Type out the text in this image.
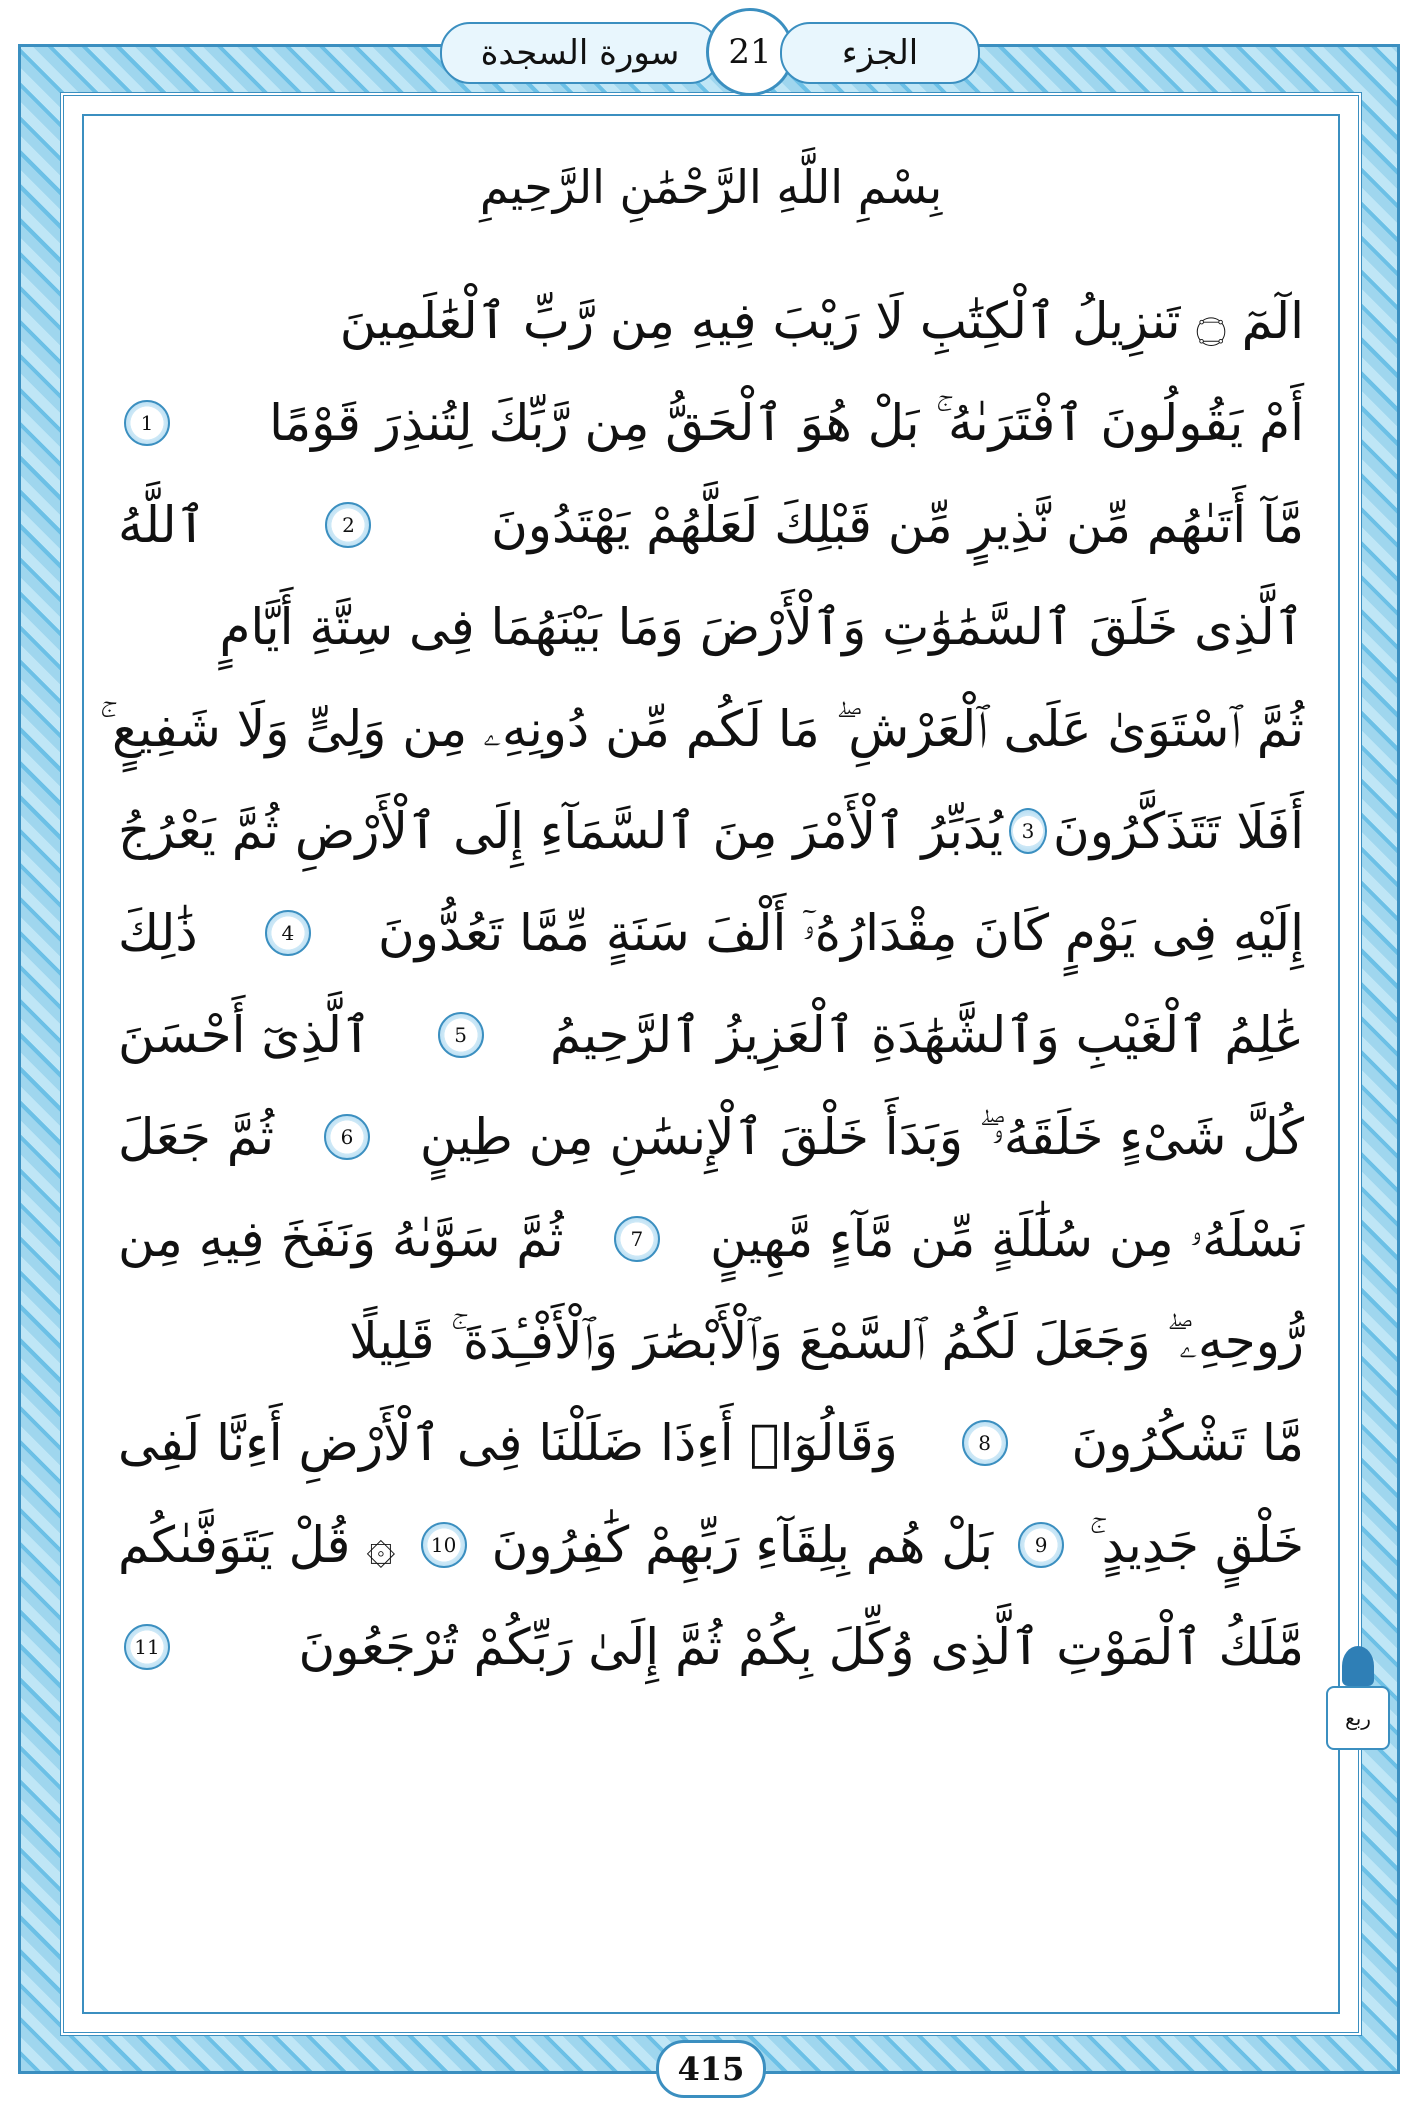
سورة السجدة 21 الجزء
بِسْمِ اللَّهِ الرَّحْمَٰنِ الرَّحِيمِ
الٓمٓ ۝ تَنزِيلُ ٱلْكِتَٰبِ لَا رَيْبَ فِيهِ مِن رَّبِّ ٱلْعَٰلَمِينَ
أَمْ يَقُولُونَ ٱفْتَرَىٰهُ ۚ بَلْ هُوَ ٱلْحَقُّ مِن رَّبِّكَ لِتُنذِرَ قَوْمًا
1
مَّآ أَتَىٰهُم مِّن نَّذِيرٍ مِّن قَبْلِكَ لَعَلَّهُمْ يَهْتَدُونَ
2
ٱللَّهُ
ٱلَّذِى خَلَقَ ٱلسَّمَٰوَٰتِ وَٱلْأَرْضَ وَمَا بَيْنَهُمَا فِى سِتَّةِ أَيَّامٍ
ثُمَّ ٱسْتَوَىٰ عَلَى ٱلْعَرْشِ ۖ مَا لَكُم مِّن دُونِهِۦ مِن وَلِىٍّ وَلَا شَفِيعٍ ۚ
أَفَلَا تَتَذَكَّرُونَ
3
يُدَبِّرُ ٱلْأَمْرَ مِنَ ٱلسَّمَآءِ إِلَى ٱلْأَرْضِ ثُمَّ يَعْرُجُ
إِلَيْهِ فِى يَوْمٍ كَانَ مِقْدَارُهُۥٓ أَلْفَ سَنَةٍ مِّمَّا تَعُدُّونَ
4
ذَٰلِكَ
عَٰلِمُ ٱلْغَيْبِ وَٱلشَّهَٰدَةِ ٱلْعَزِيزُ ٱلرَّحِيمُ
5
ٱلَّذِىٓ أَحْسَنَ
كُلَّ شَىْءٍ خَلَقَهُۥ ۖ وَبَدَأَ خَلْقَ ٱلْإِنسَٰنِ مِن طِينٍ
6
ثُمَّ جَعَلَ
نَسْلَهُۥ مِن سُلَٰلَةٍ مِّن مَّآءٍ مَّهِينٍ
7
ثُمَّ سَوَّىٰهُ وَنَفَخَ فِيهِ مِن
رُّوحِهِۦ ۖ وَجَعَلَ لَكُمُ ٱلسَّمْعَ وَٱلْأَبْصَٰرَ وَٱلْأَفْـِٔدَةَ ۚ قَلِيلًا
مَّا تَشْكُرُونَ
8
وَقَالُوٓا۟ أَءِذَا ضَلَلْنَا فِى ٱلْأَرْضِ أَءِنَّا لَفِى
خَلْقٍ جَدِيدٍ ۚ
9
بَلْ هُم بِلِقَآءِ رَبِّهِمْ كَٰفِرُونَ
10
۞ قُلْ يَتَوَفَّىٰكُم
مَّلَكُ ٱلْمَوْتِ ٱلَّذِى وُكِّلَ بِكُمْ ثُمَّ إِلَىٰ رَبِّكُمْ تُرْجَعُونَ
11
ربع
415
